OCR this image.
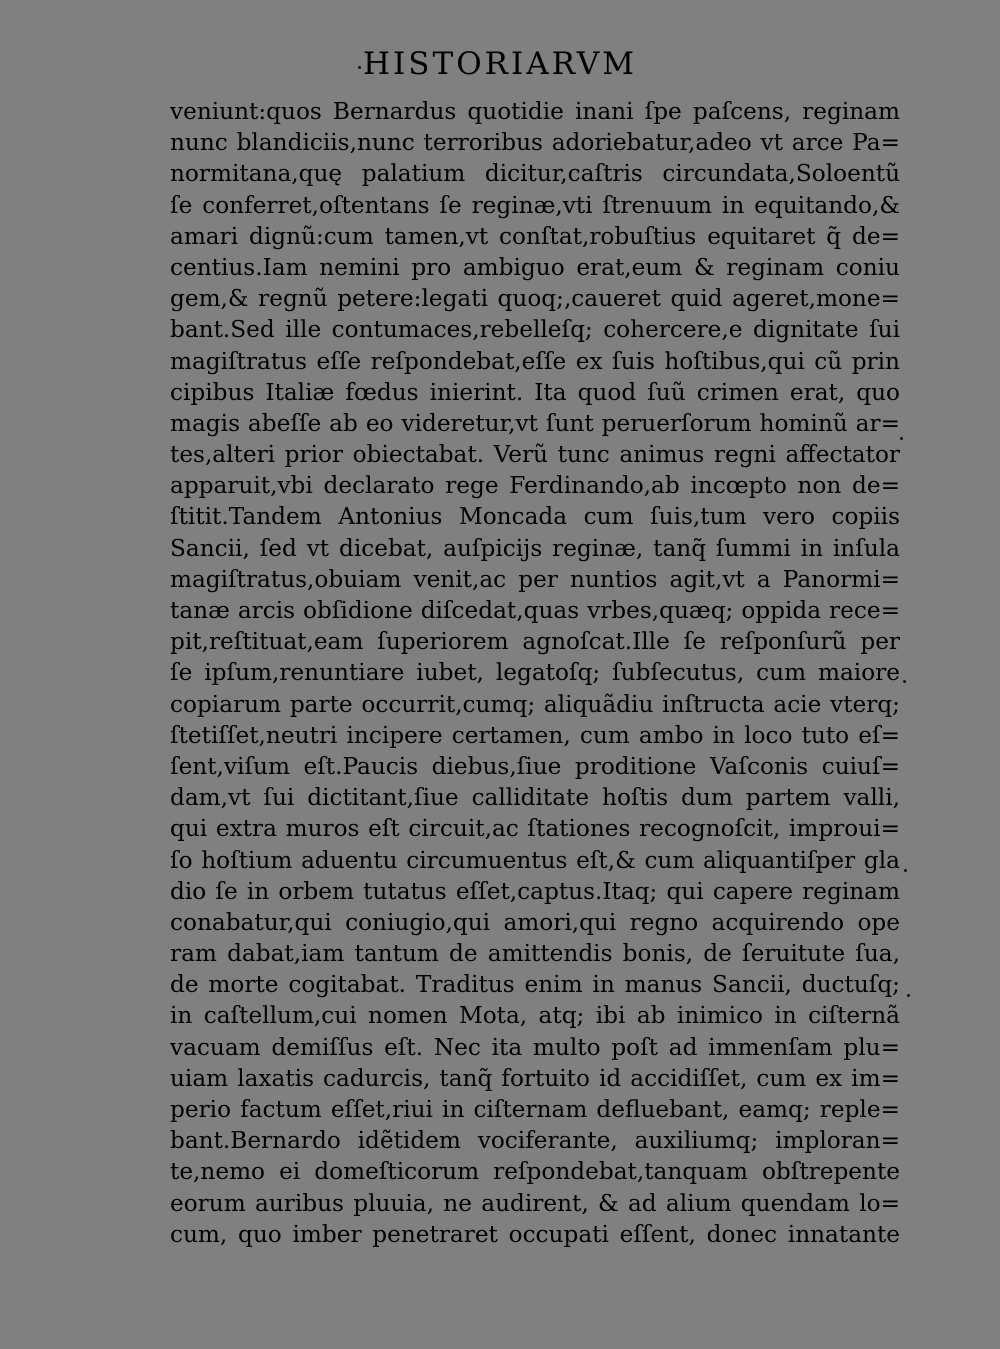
HISTORIARVM
veniunt:quos Bernardus quotidie inani ſpe paſcens, reginam
nunc blandiciis,nunc terroribus adoriebatur,adeo vt arce Pa=
normitana,quę palatium dicitur,caſtris circundata,Soloentũ
ſe conferret,oſtentans ſe reginæ,vti ſtrenuum in equitando,&
amari dignũ:cum tamen,vt conſtat,robuſtius equitaret q̃ de=
centius.Iam nemini pro ambiguo erat,eum & reginam coniu
gem,& regnũ petere:legati quoq;,caueret quid ageret,mone=
bant.Sed ille contumaces,rebelleſq; cohercere,e dignitate ſui
magiſtratus eſſe reſpondebat,eſſe ex ſuis hoſtibus,qui cũ prin
cipibus Italiæ fœdus inierint. Ita quod ſuũ crimen erat, quo
magis abeſſe ab eo videretur,vt ſunt peruerſorum hominũ ar=
tes,alteri prior obiectabat. Verũ tunc animus regni affectator
apparuit,vbi declarato rege Ferdinando,ab incœpto non de=
ſtitit.Tandem Antonius Moncada cum ſuis,tum vero copiis
Sancii, ſed vt dicebat, auſpicijs reginæ, tanq̃ ſummi in inſula
magiſtratus,obuiam venit,ac per nuntios agit,vt a Panormi=
tanæ arcis obſidione diſcedat,quas vrbes,quæq; oppida rece=
pit,reſtituat,eam ſuperiorem agnoſcat.Ille ſe reſponſurũ per
ſe ipſum,renuntiare iubet, legatoſq; ſubſecutus, cum maiore
copiarum parte occurrit,cumq; aliquãdiu inſtructa acie vterq;
ſtetiſſet,neutri incipere certamen, cum ambo in loco tuto eſ=
ſent,viſum eſt.Paucis diebus,ſiue proditione Vaſconis cuiuſ=
dam,vt ſui dictitant,ſiue calliditate hoſtis dum partem valli,
qui extra muros eſt circuit,ac ſtationes recognoſcit, improui=
ſo hoſtium aduentu circumuentus eſt,& cum aliquantiſper gla
dio ſe in orbem tutatus eſſet,captus.Itaq; qui capere reginam
conabatur,qui coniugio,qui amori,qui regno acquirendo ope
ram dabat,iam tantum de amittendis bonis, de ſeruitute ſua,
de morte cogitabat. Traditus enim in manus Sancii, ductuſq;
in caſtellum,cui nomen Mota, atq; ibi ab inimico in ciſternã
vacuam demiſſus eſt. Nec ita multo poſt ad immenſam plu=
uiam laxatis cadurcis, tanq̃ fortuito id accidiſſet, cum ex im=
perio factum eſſet,riui in ciſternam defluebant, eamq; reple=
bant.Bernardo idẽtidem vociferante, auxiliumq; imploran=
te,nemo ei domeſticorum reſpondebat,tanquam obſtrepente
eorum auribus pluuia, ne audirent, & ad alium quendam lo=
cum, quo imber penetraret occupati eſſent, donec innatante
